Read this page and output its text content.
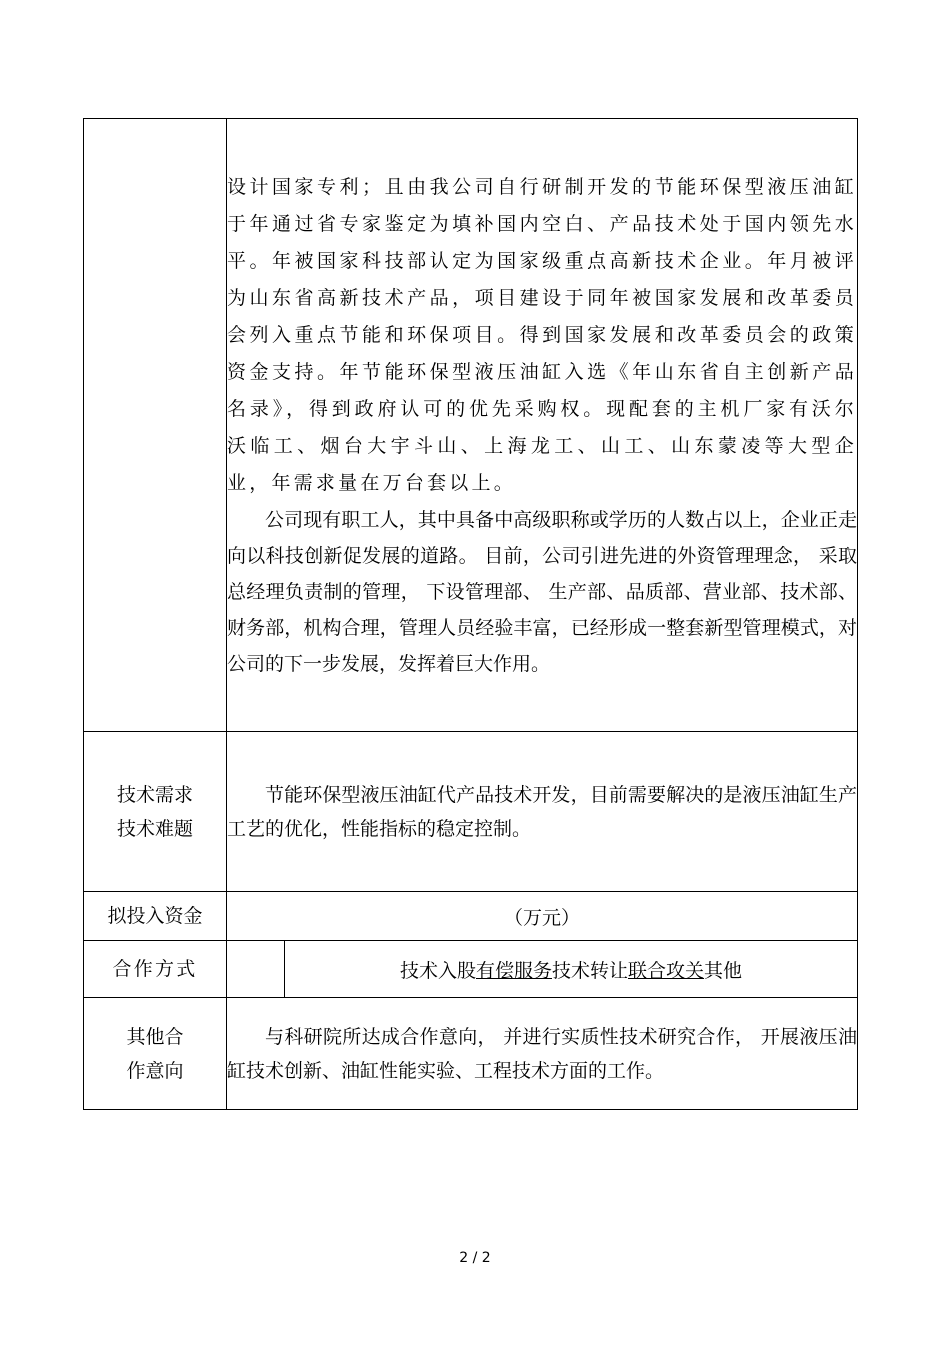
	设计国家专利；且由我公司自行研制开发的节能环保型液压油缸于年通过省专家鉴定为填补国内空白、产品技术处于国内领先水平。年被国家科技部认定为国家级重点高新技术企业。年月被评为山东省高新技术产品，项目建设于同年被国家发展和改革委员会列入重点节能和环保项目。得到国家发展和改革委员会的政策资金支持。年节能环保型液压油缸入选《年山东省自主创新产品名录》，得到政府认可的优先采购权。现配套的主机厂家有沃尔沃临工、烟台大宇斗山、上海龙工、山工、山东蒙凌等大型企业，年需求量在万台套以上。

公司现有职工人，其中具备中高级职称或学历的人数占以上，企业正走向以科技创新促发展的道路。 目前，公司引进先进的外资管理理念， 采取总经理负责制的管理， 下设管理部、 生产部、品质部、营业部、技术部、财务部，机构合理，管理人员经验丰富，已经形成一整套新型管理模式，对公司的下一步发展，发挥着巨大作用。	

技术需求
技术难题	节能环保型液压油缸代产品技术开发，目前需要解决的是液压油缸生产工艺的优化，性能指标的稳定控制。	

拟投入资金	（万元）	
合作方式		技术入股有偿服务技术转让联合攻关其他

其他合
作意向	与科研院所达成合作意向， 并进行实质性技术研究合作， 开展液压油缸技术创新、油缸性能实验、工程技术方面的工作。	

2 / 2
